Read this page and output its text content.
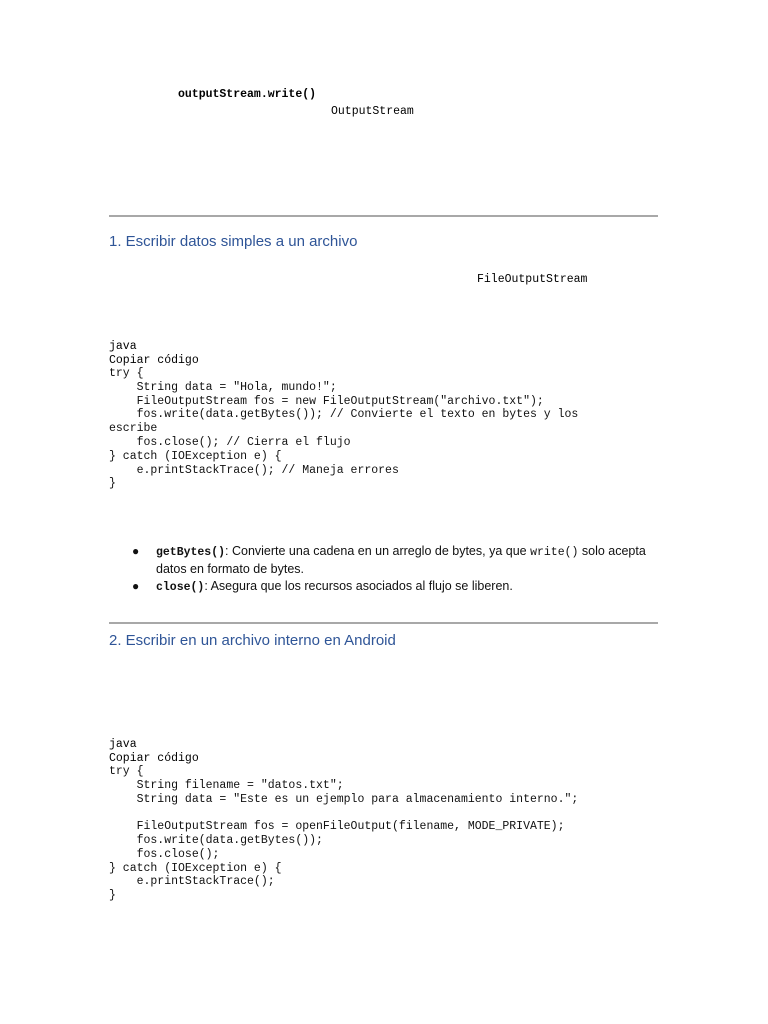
outputStream.write()
OutputStream
1. Escribir datos simples a un archivo
FileOutputStream
java
Copiar código
try {
String data = "Hola, mundo!";
FileOutputStream fos = new FileOutputStream("archivo.txt");
fos.write(data.getBytes()); // Convierte el texto en bytes y los
escribe
fos.close(); // Cierra el flujo
} catch (IOException e) {
e.printStackTrace(); // Maneja errores
}
● getBytes(): Convierte una cadena en un arreglo de bytes, ya que write() solo acepta datos en formato de bytes.
● close(): Asegura que los recursos asociados al flujo se liberen.
2. Escribir en un archivo interno en Android
java
Copiar código
try {
String filename = "datos.txt";
String data = "Este es un ejemplo para almacenamiento interno.";

FileOutputStream fos = openFileOutput(filename, MODE_PRIVATE);
fos.write(data.getBytes());
fos.close();
} catch (IOException e) {
e.printStackTrace();
}
